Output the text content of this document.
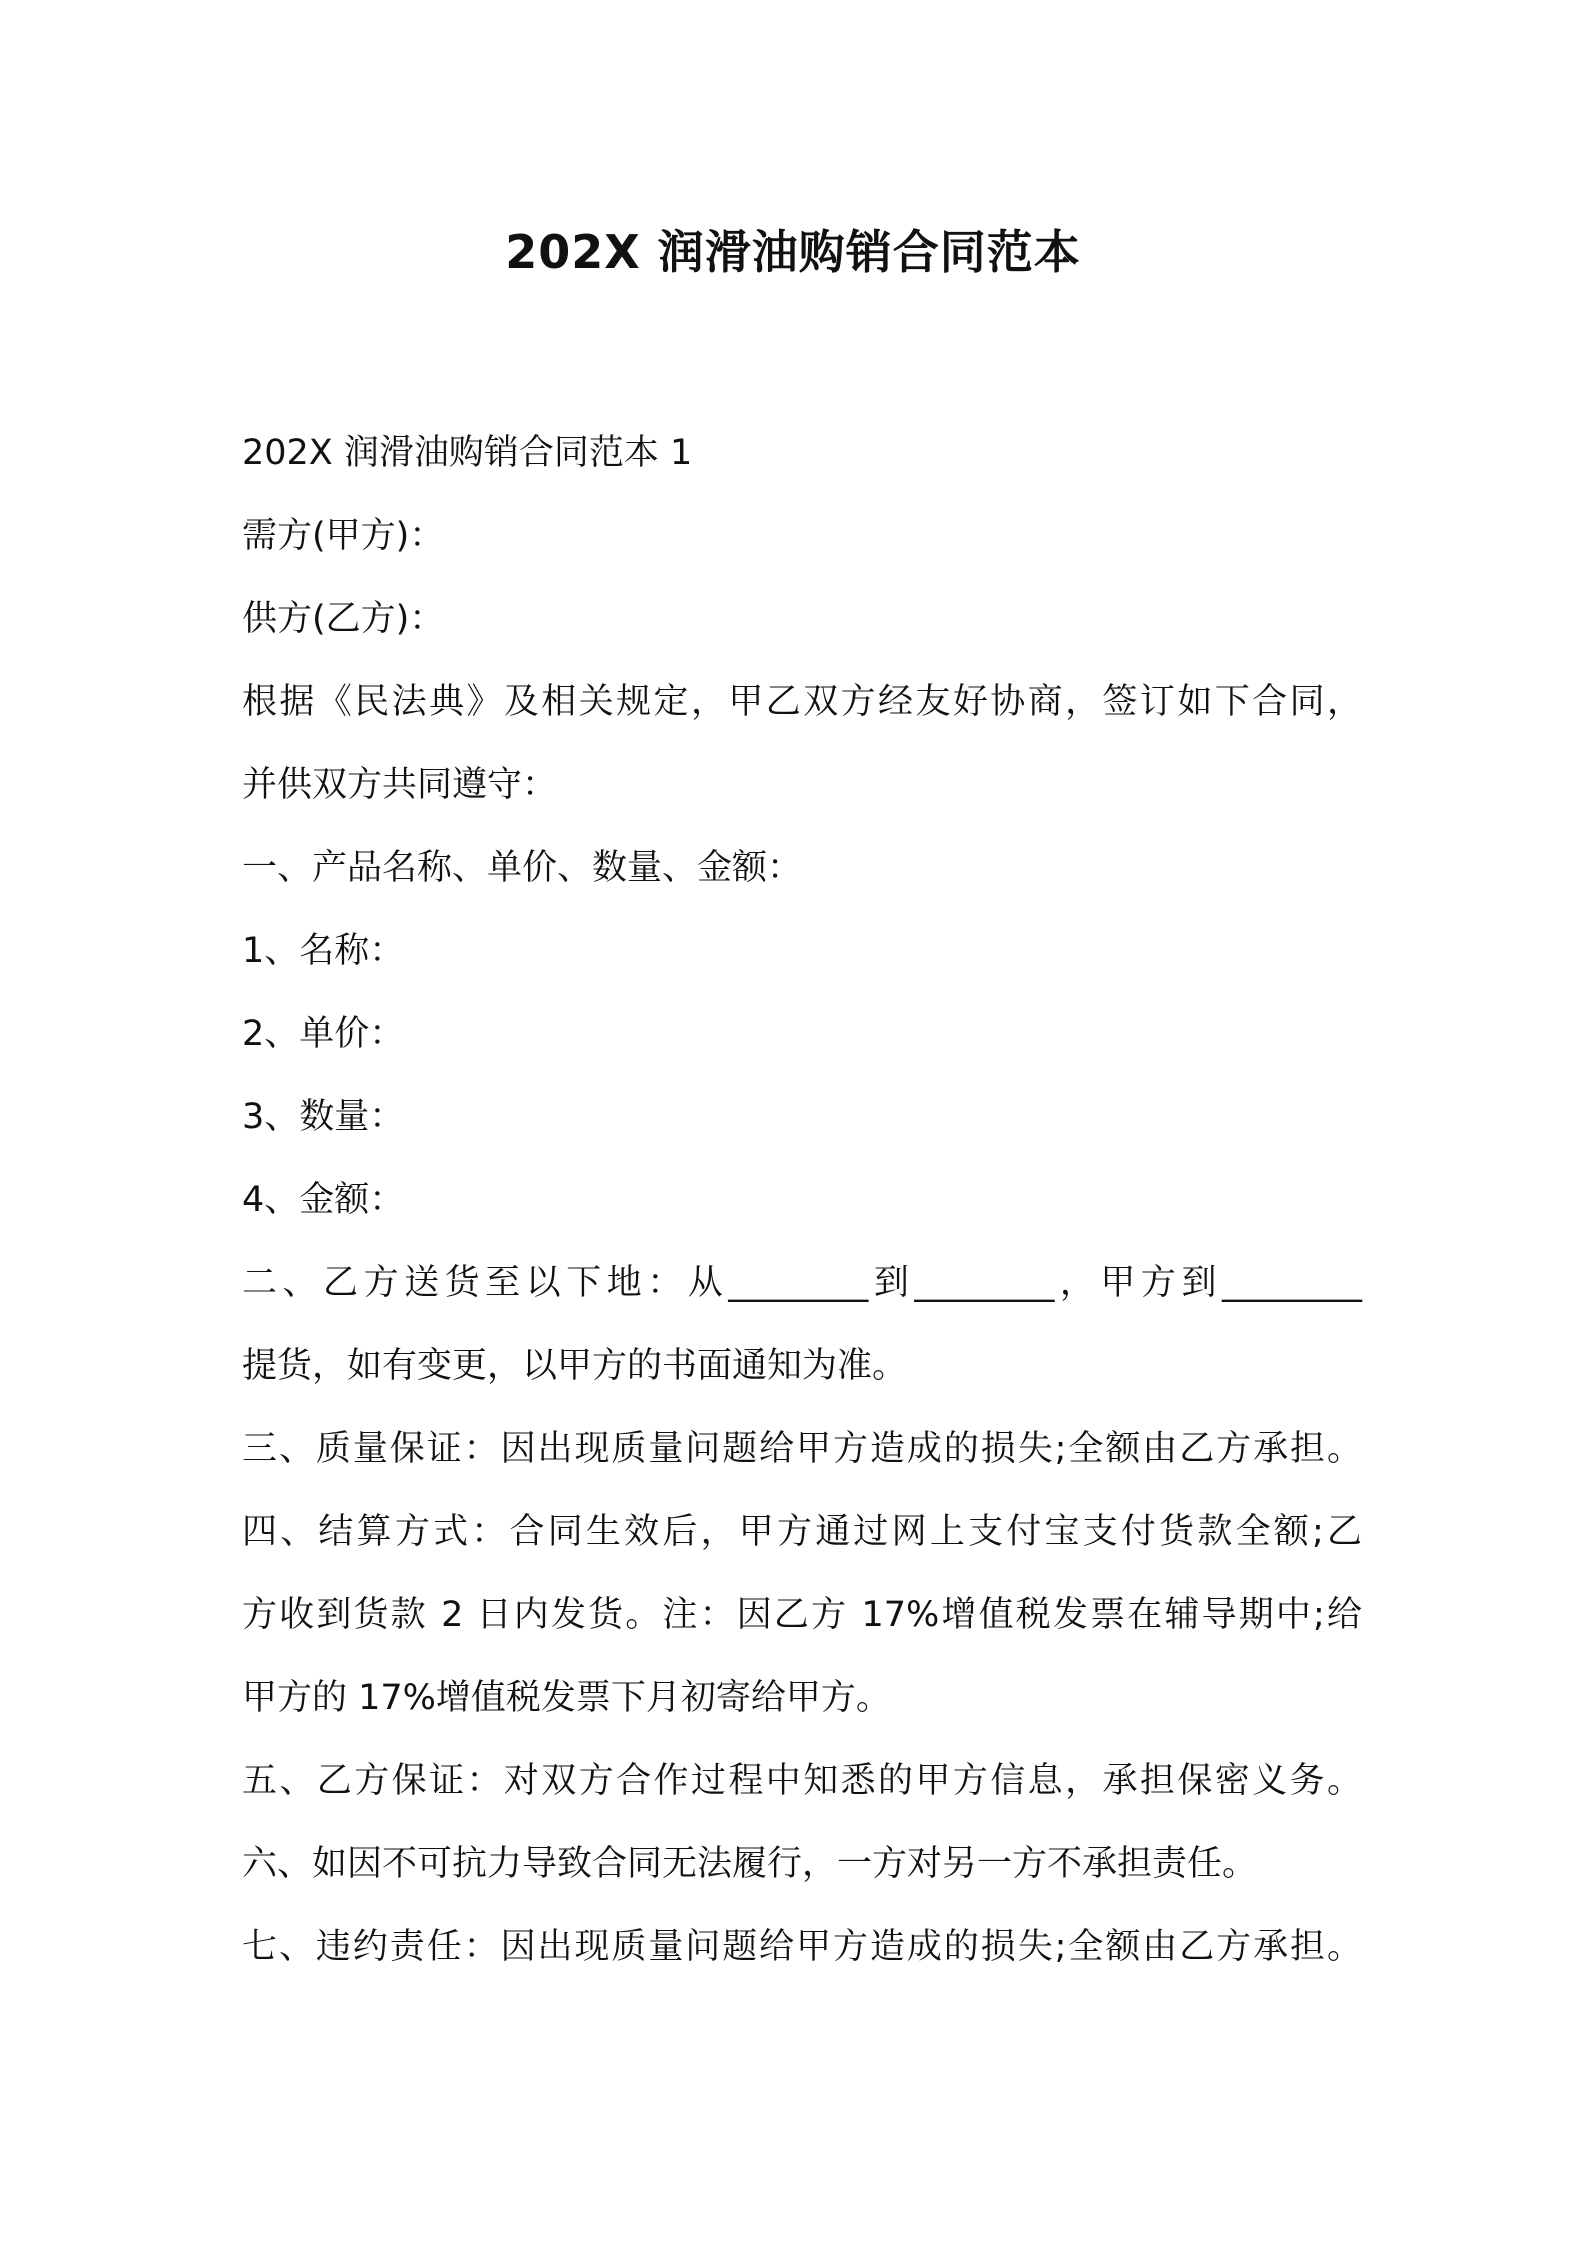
202X 润滑油购销合同范本

202X 润滑油购销合同范本 1

需方(甲方)：

供方(乙方)：

根据《民法典》及相关规定，甲乙双方经友好协商，签订如下合同，

并供双方共同遵守：

一、产品名称、单价、数量、金额：

1、名称：

2、单价：

3、数量：

4、金额：

二、乙方送货至以下地：从________到________，甲方到________

提货，如有变更，以甲方的书面通知为准。

三、质量保证：因出现质量问题给甲方造成的损失;全额由乙方承担。

四、结算方式：合同生效后，甲方通过网上支付宝支付货款全额;乙

方收到货款 2 日内发货。注：因乙方 17%增值税发票在辅导期中;给

甲方的 17%增值税发票下月初寄给甲方。

五、乙方保证：对双方合作过程中知悉的甲方信息，承担保密义务。

六、如因不可抗力导致合同无法履行，一方对另一方不承担责任。

七、违约责任：因出现质量问题给甲方造成的损失;全额由乙方承担。
